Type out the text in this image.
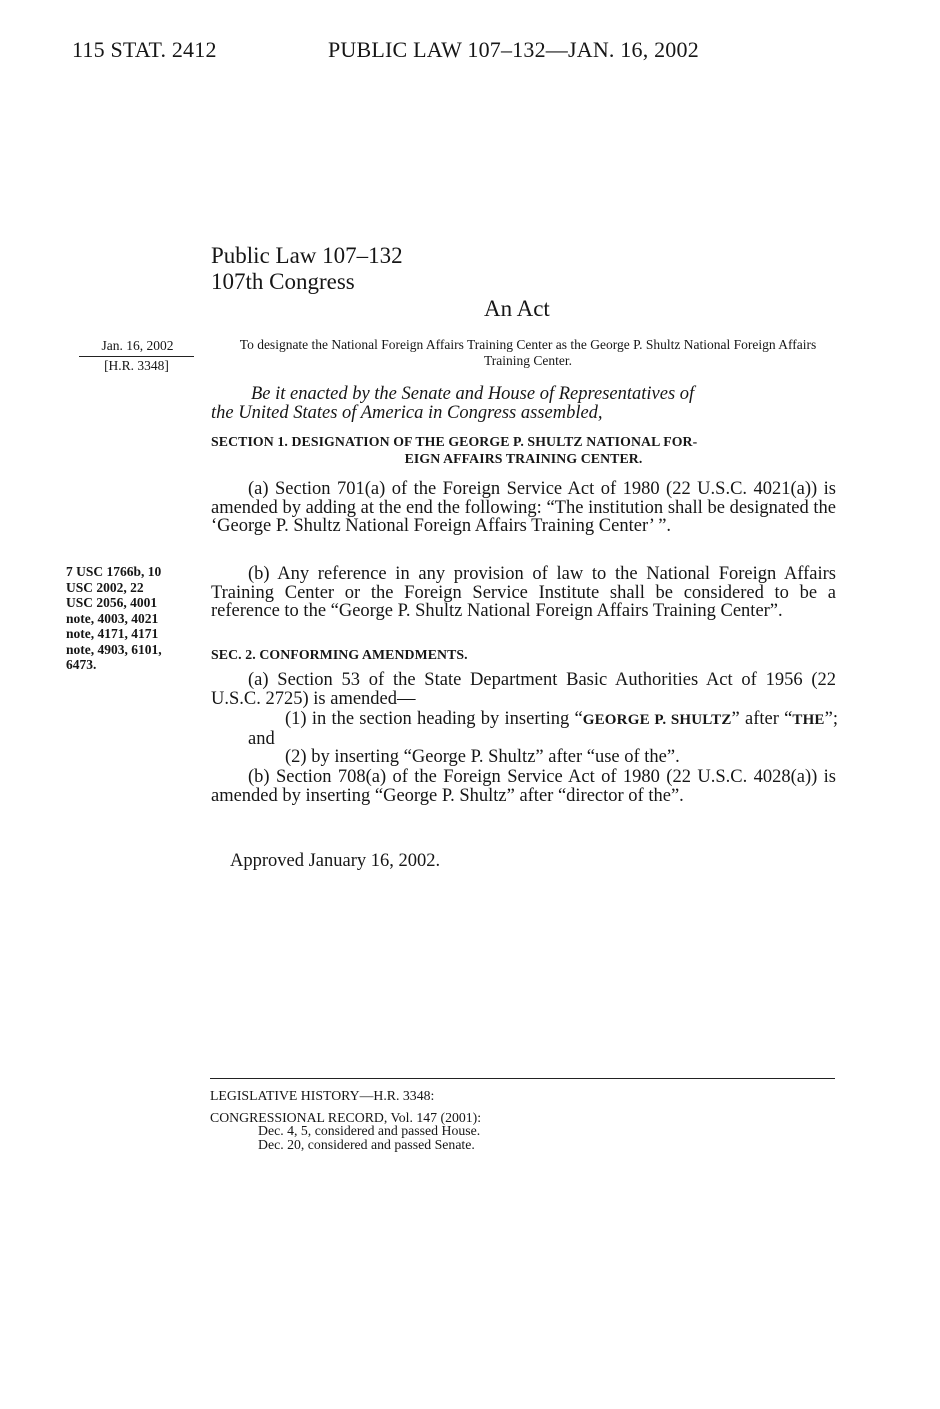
115 STAT. 2412	PUBLIC LAW 107–132—JAN. 16, 2002
Public Law 107–132
107th Congress
An Act
Jan. 16, 2002
[H.R. 3348]
7 USC 1766b, 10
USC 2002, 22
USC 2056, 4001
note, 4003, 4021
note, 4171, 4171
note, 4903, 6101,
6473.
To designate the National Foreign Affairs Training Center as the George P. Shultz National Foreign Affairs Training Center.
Be it enacted by the Senate and House of Representatives of
the United States of America in Congress assembled,
SECTION 1. DESIGNATION OF THE GEORGE P. SHULTZ NATIONAL FOR-
EIGN AFFAIRS TRAINING CENTER.
(a) Section 701(a) of the Foreign Service Act of 1980 (22 U.S.C. 4021(a)) is amended by adding at the end the following: “The institution shall be designated the ‘George P. Shultz National Foreign Affairs Training Center’ ”.
(b) Any reference in any provision of law to the National Foreign Affairs Training Center or the Foreign Service Institute shall be considered to be a reference to the “George P. Shultz National Foreign Affairs Training Center”.
SEC. 2. CONFORMING AMENDMENTS.
(a) Section 53 of the State Department Basic Authorities Act of 1956 (22 U.S.C. 2725) is amended—
(1) in the section heading by inserting “GEORGE P. SHULTZ” after “THE”; and
(2) by inserting “George P. Shultz” after “use of the”.
(b) Section 708(a) of the Foreign Service Act of 1980 (22 U.S.C. 4028(a)) is amended by inserting “George P. Shultz” after “director of the”.
Approved January 16, 2002.
LEGISLATIVE HISTORY—H.R. 3348:
CONGRESSIONAL RECORD, Vol. 147 (2001):
Dec. 4, 5, considered and passed House.
Dec. 20, considered and passed Senate.
